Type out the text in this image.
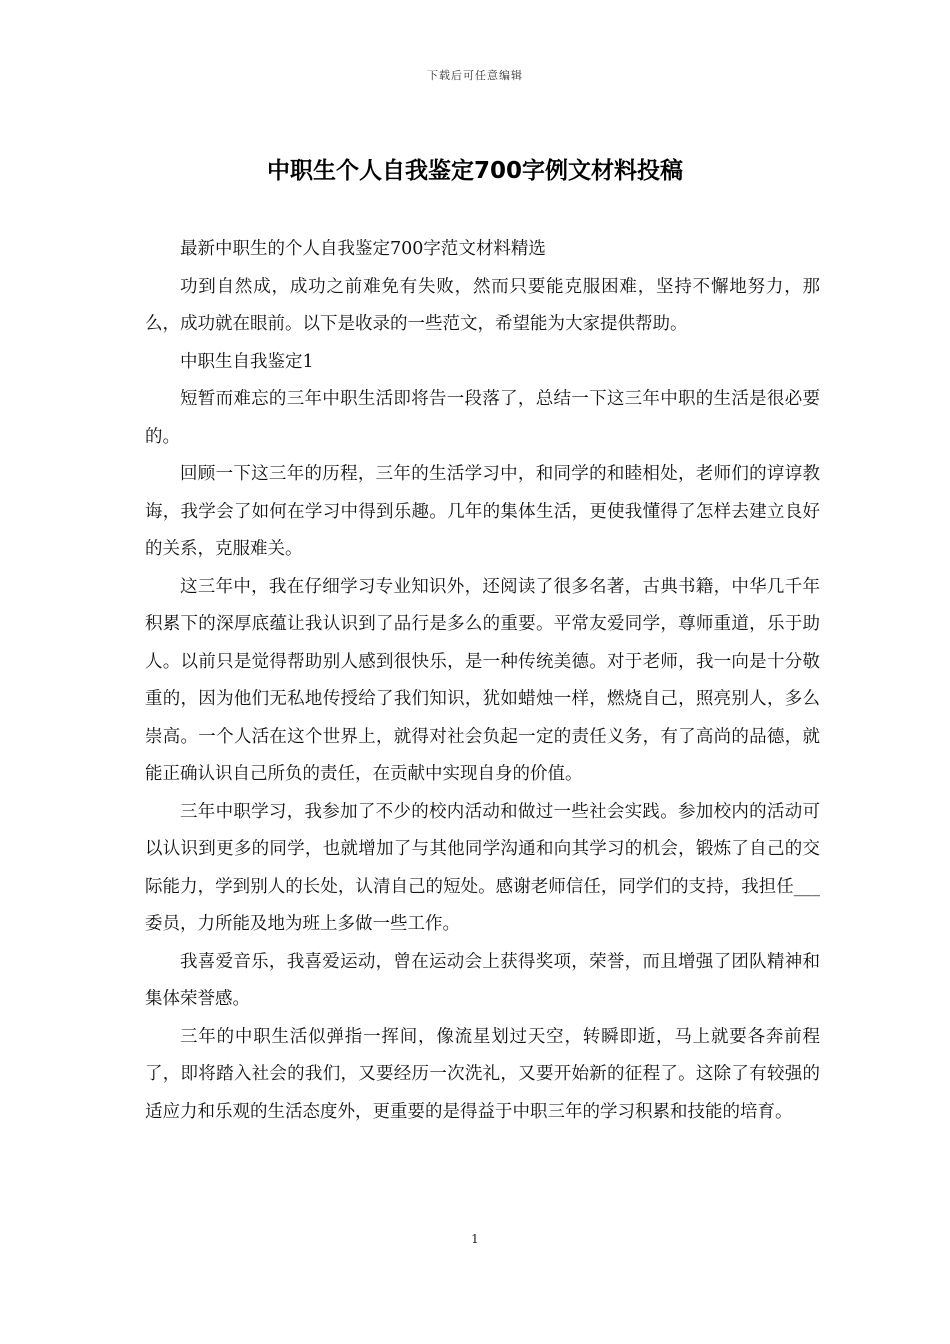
下载后可任意编辑
中职生个人自我鉴定700字例文材料投稿

最新中职生的个人自我鉴定700字范文材料精选

功到自然成，成功之前难免有失败，然而只要能克服困难，坚持不懈地努力，那么，成功就在眼前。以下是收录的一些范文，希望能为大家提供帮助。

中职生自我鉴定1

短暂而难忘的三年中职生活即将告一段落了，总结一下这三年中职的生活是很必要的。

回顾一下这三年的历程，三年的生活学习中，和同学的和睦相处，老师们的谆谆教诲，我学会了如何在学习中得到乐趣。几年的集体生活，更使我懂得了怎样去建立良好的关系，克服难关。

这三年中，我在仔细学习专业知识外，还阅读了很多名著，古典书籍，中华几千年积累下的深厚底蕴让我认识到了品行是多么的重要。平常友爱同学，尊师重道，乐于助人。以前只是觉得帮助别人感到很快乐，是一种传统美德。对于老师，我一向是十分敬重的，因为他们无私地传授给了我们知识，犹如蜡烛一样，燃烧自己，照亮别人，多么崇高。一个人活在这个世界上，就得对社会负起一定的责任义务，有了高尚的品德，就能正确认识自己所负的责任，在贡献中实现自身的价值。

三年中职学习，我参加了不少的校内活动和做过一些社会实践。参加校内的活动可以认识到更多的同学，也就增加了与其他同学沟通和向其学习的机会，锻炼了自己的交际能力，学到别人的长处，认清自己的短处。感谢老师信任，同学们的支持，我担任___委员，力所能及地为班上多做一些工作。

我喜爱音乐，我喜爱运动，曾在运动会上获得奖项，荣誉，而且增强了团队精神和集体荣誉感。

三年的中职生活似弹指一挥间，像流星划过天空，转瞬即逝，马上就要各奔前程了，即将踏入社会的我们，又要经历一次洗礼，又要开始新的征程了。这除了有较强的适应力和乐观的生活态度外，更重要的是得益于中职三年的学习积累和技能的培育。

1
